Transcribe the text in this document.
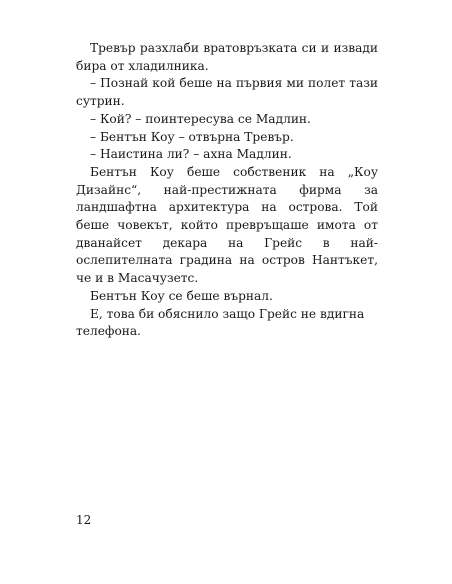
Тревър разхлаби вратовръзката си и извади бира от хладилника.

– Познай кой беше на първия ми полет тази сутрин.

– Кой? – поинтересува се Мадлин.

– Бентън Коу – отвърна Тревър.

– Наистина ли? – ахна Мадлин.

Бентън Коу беше собственик на „Коу Дизайнс“, най-престижната фирма за ландшафтна архитектура на острова. Той беше човекът, който превръщаше имота от дванайсет декара на Грейс в най-ослепителната градина на остров Нантъкет, че и в Масачузетс.

Бентън Коу се беше върнал.

Е, това би обяснило защо Грейс не вдигна телефона.

12
